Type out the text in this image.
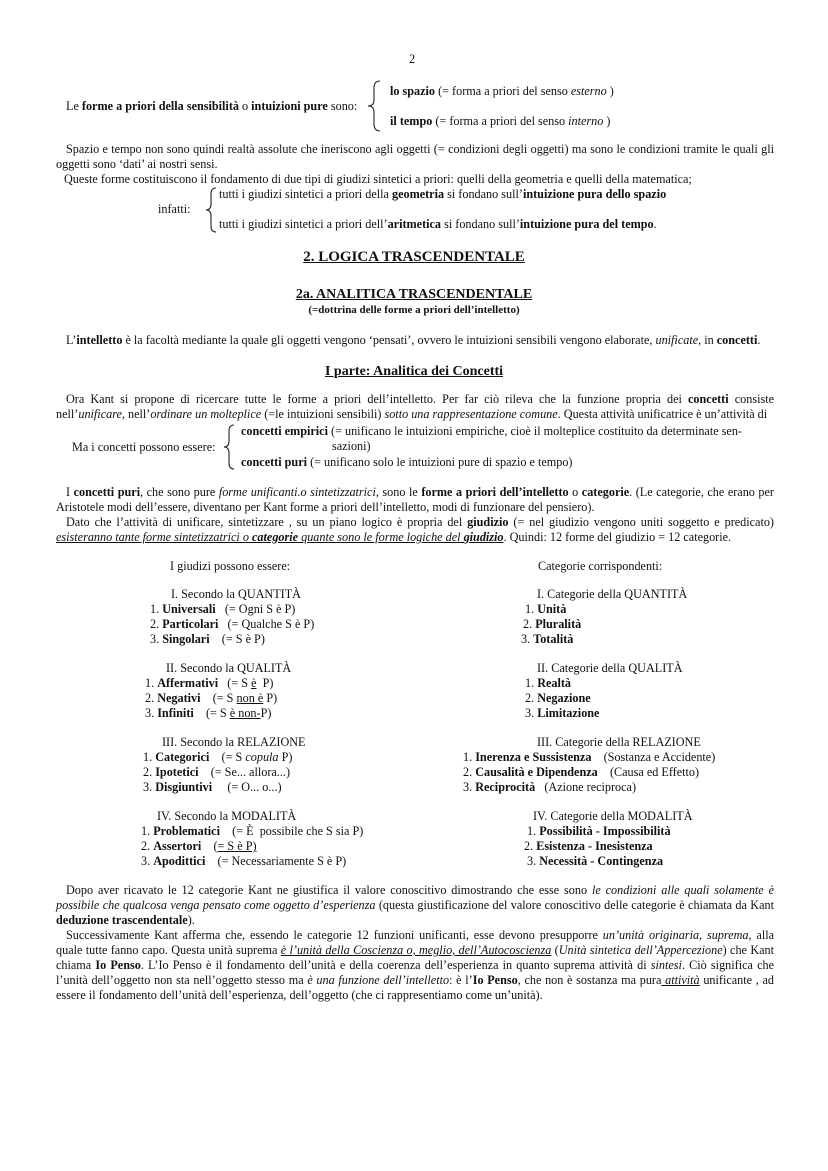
2
Le forme a priori della sensibilità o intuizioni pure sono:
lo spazio (= forma a priori del senso esterno )
il tempo (= forma a priori del senso interno )
Spazio e tempo non sono quindi realtà assolute che ineriscono agli oggetti (= condizioni degli oggetti) ma sono le condizioni tramite le quali gli oggetti sono ‘dati’ ai nostri sensi.
Queste forme costituiscono il fondamento di due tipi di giudizi sintetici a priori: quelli della geometria e quelli della matematica;
infatti:
tutti i giudizi sintetici a priori della geometria si fondano sull’intuizione pura dello spazio
tutti i giudizi sintetici a priori dell’aritmetica si fondano sull’intuizione pura del tempo.
2. LOGICA TRASCENDENTALE
2a. ANALITICA TRASCENDENTALE
(=dottrina delle forme a priori dell’intelletto)
L’intelletto è la facoltà mediante la quale gli oggetti vengono ‘pensati’, ovvero le intuizioni sensibili vengono elaborate, unificate, in concetti.
I parte: Analitica dei Concetti
Ora Kant si propone di ricercare tutte le forme a priori dell’intelletto. Per far ciò rileva che la funzione propria dei concetti consiste nell’unificare, nell’ordinare un molteplice (=le intuizioni sensibili) sotto una rappresentazione comune. Questa attività unificatrice è un’attività di
Ma i concetti possono essere:
concetti empirici (= unificano le intuizioni empiriche, cioè il molteplice costituito da determinate sen-
sazioni)
concetti puri (= unificano solo le intuizioni pure di spazio e tempo)
I concetti puri, che sono pure forme unificanti.o sintetizzatrici, sono le forme a priori dell’intelletto o categorie. (Le categorie, che erano per Aristotele modi dell’essere, diventano per Kant forme a priori dell’intelletto, modi di funzionare del pensiero).
Dato che l’attività di unificare, sintetizzare , su un piano logico è propria del giudizio (= nel giudizio vengono uniti soggetto e predicato) esisteranno tante forme sintetizzatrici o categorie quante sono le forme logiche del giudizio. Quindi: 12 forme del giudizio = 12 categorie.
I giudizi possono essere:	Categorie corrispondenti:
I. Secondo la QUANTITÀ
1. Universali   (= Ogni S è P)
2. Particolari   (= Qualche S è P)
3. Singolari    (= S è P)
II. Secondo la QUALITÀ
1. Affermativi   (= S è  P)
2. Negativi    (= S non è P)
3. Infiniti    (= S è non-P)
III. Secondo la RELAZIONE
1. Categorici    (= S copula P)
2. Ipotetici    (= Se... allora...)
3. Disgiuntivi     (= O... o...)
IV. Secondo la MODALITÀ
1. Problematici    (= È  possibile che S sia P)
2. Assertori    (= S è P)
3. Apodittici    (= Necessariamente S è P)
I. Categorie della QUANTITÀ
1. Unità
2. Pluralità
3. Totalità
II. Categorie della QUALITÀ
1. Realtà
2. Negazione
3. Limitazione
III. Categorie della RELAZIONE
1. Inerenza e Sussistenza    (Sostanza e Accidente)
2. Causalità e Dipendenza    (Causa ed Effetto)
3. Reciprocità   (Azione reciproca)
IV. Categorie della MODALITÀ
1. Possibilità - Impossibilità
2. Esistenza - Inesistenza
3. Necessità - Contingenza
Dopo aver ricavato le 12 categorie Kant ne giustifica il valore conoscitivo dimostrando che esse sono le condizioni alle quali solamente è possibile che qualcosa venga pensato come oggetto d’esperienza (questa giustificazione del valore conoscitivo delle categorie è chiamata da Kant deduzione trascendentale).
Successivamente Kant afferma che, essendo le categorie 12 funzioni unificanti, esse devono presupporre un’unità originaria, suprema, alla quale tutte fanno capo. Questa unità suprema è l’unità della Coscienza o, meglio, dell’Autocoscienza (Unità sintetica dell’Appercezione) che Kant chiama Io Penso. L’Io Penso è il fondamento dell’unità e della coerenza dell’esperienza in quanto suprema attività di sintesi. Ciò significa che l’unità dell’oggetto non sta nell’oggetto stesso ma è una funzione dell’intelletto: è l’Io Penso, che non è sostanza ma pura attività unificante , ad essere il fondamento dell’unità dell’esperienza, dell’oggetto (che ci rappresentiamo come un’unità).
